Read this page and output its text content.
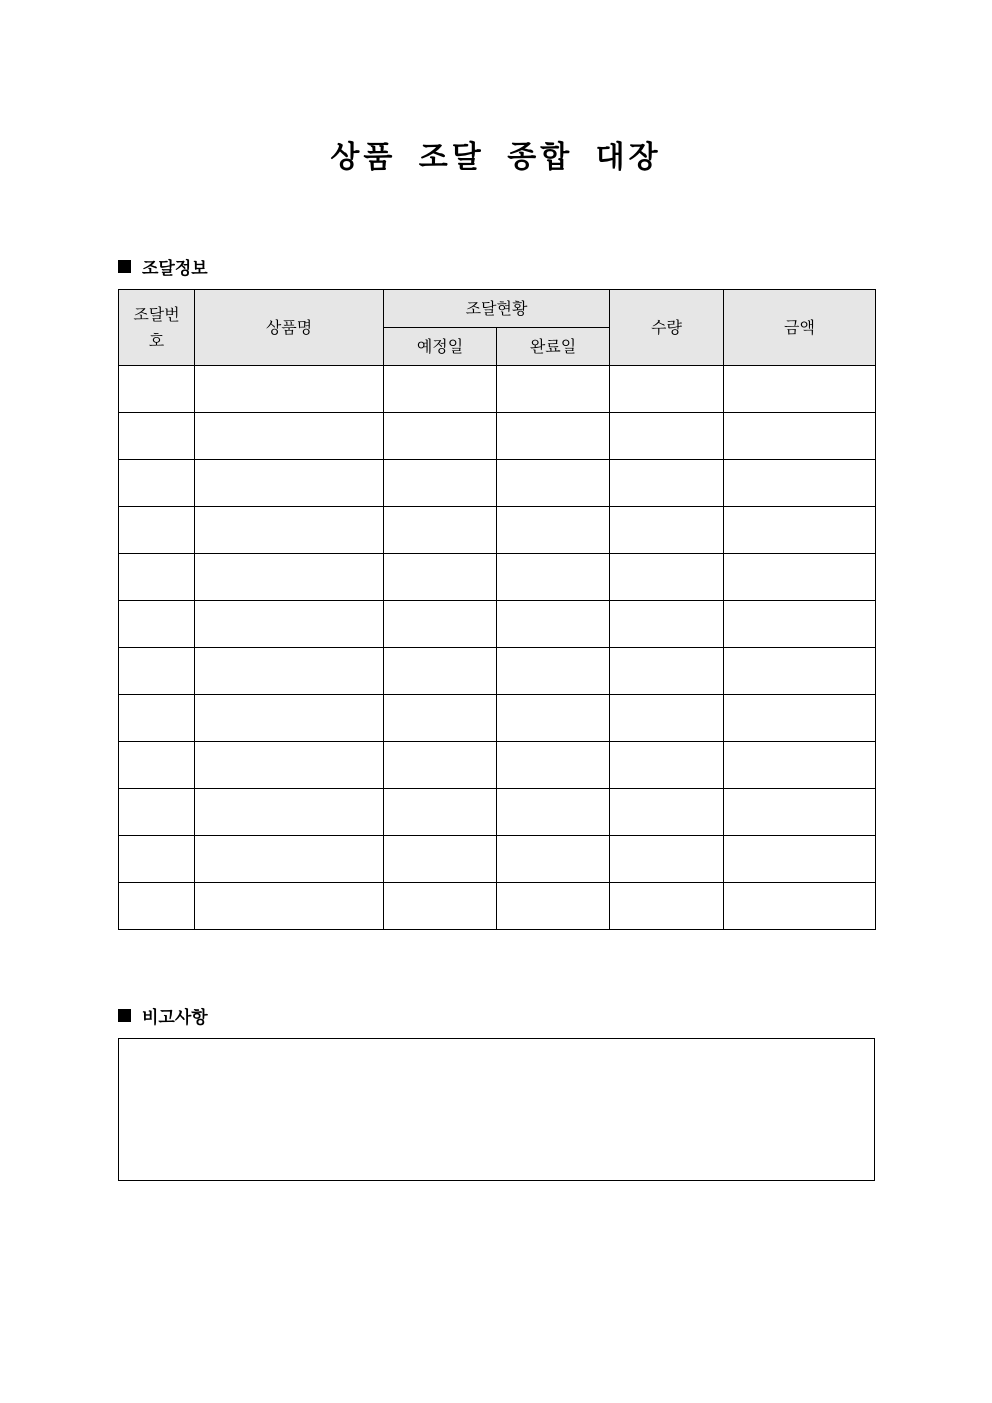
상품 조달 종합 대장
조달정보
조달번호	상품명	조달현황		수량	금액
		예정일	완료일		

비고사항
